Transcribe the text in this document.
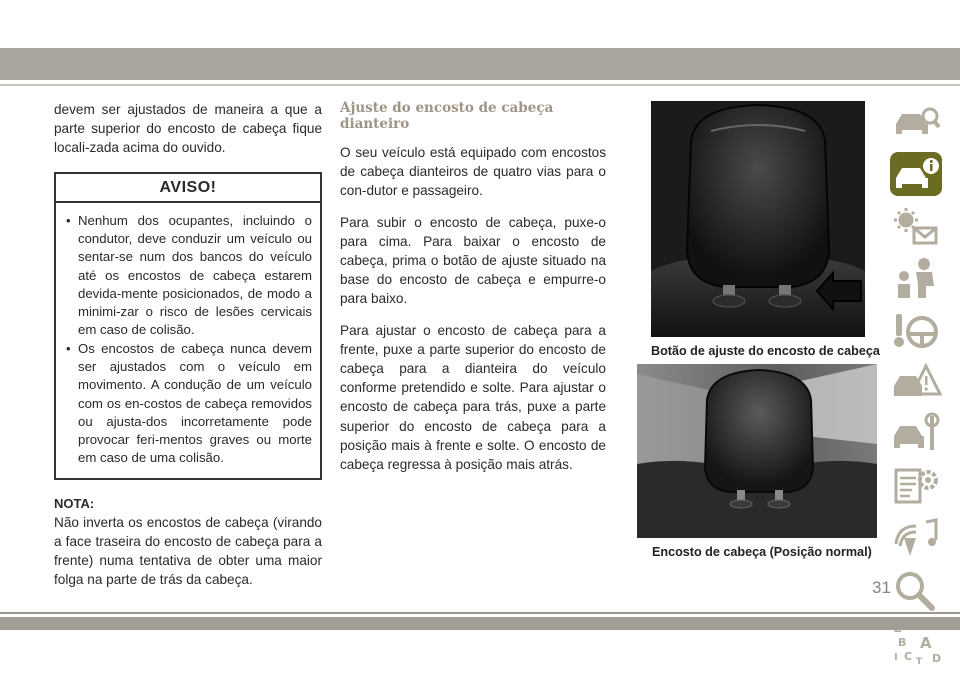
devem ser ajustados de maneira a que a parte superior do encosto de cabeça fique locali-zada acima do ouvido.

AVISO!
• Nenhum dos ocupantes, incluindo o condutor, deve conduzir um veículo ou sentar-se num dos bancos do veículo até os encostos de cabeça estarem devida-mente posicionados, de modo a minimi-zar o risco de lesões cervicais em caso de colisão.
• Os encostos de cabeça nunca devem ser ajustados com o veículo em movimento. A condução de um veículo com os en-costos de cabeça removidos ou ajusta-dos incorretamente pode provocar feri-mentos graves ou morte em caso de uma colisão.
NOTA:

Não inverta os encostos de cabeça (virando a face traseira do encosto de cabeça para a frente) numa tentativa de obter uma maior folga na parte de trás da cabeça.

Ajuste do encosto de cabeça dianteiro

O seu veículo está equipado com encostos de cabeça dianteiros de quatro vias para o con-dutor e passageiro.

Para subir o encosto de cabeça, puxe-o para cima. Para baixar o encosto de cabeça, prima o botão de ajuste situado na base do encosto de cabeça e empurre-o para baixo.

Para ajustar o encosto de cabeça para a frente, puxe a parte superior do encosto de cabeça para a dianteira do veículo conforme pretendido e solte. Para ajustar o encosto de cabeça para trás, puxe a parte superior do encosto de cabeça para a posição mais à frente e solte. O encosto de cabeça regressa à posição mais atrás.

Botão de ajuste do encosto de cabeça
Encosto de cabeça (Posição normal)
B A
C D
I T
31
